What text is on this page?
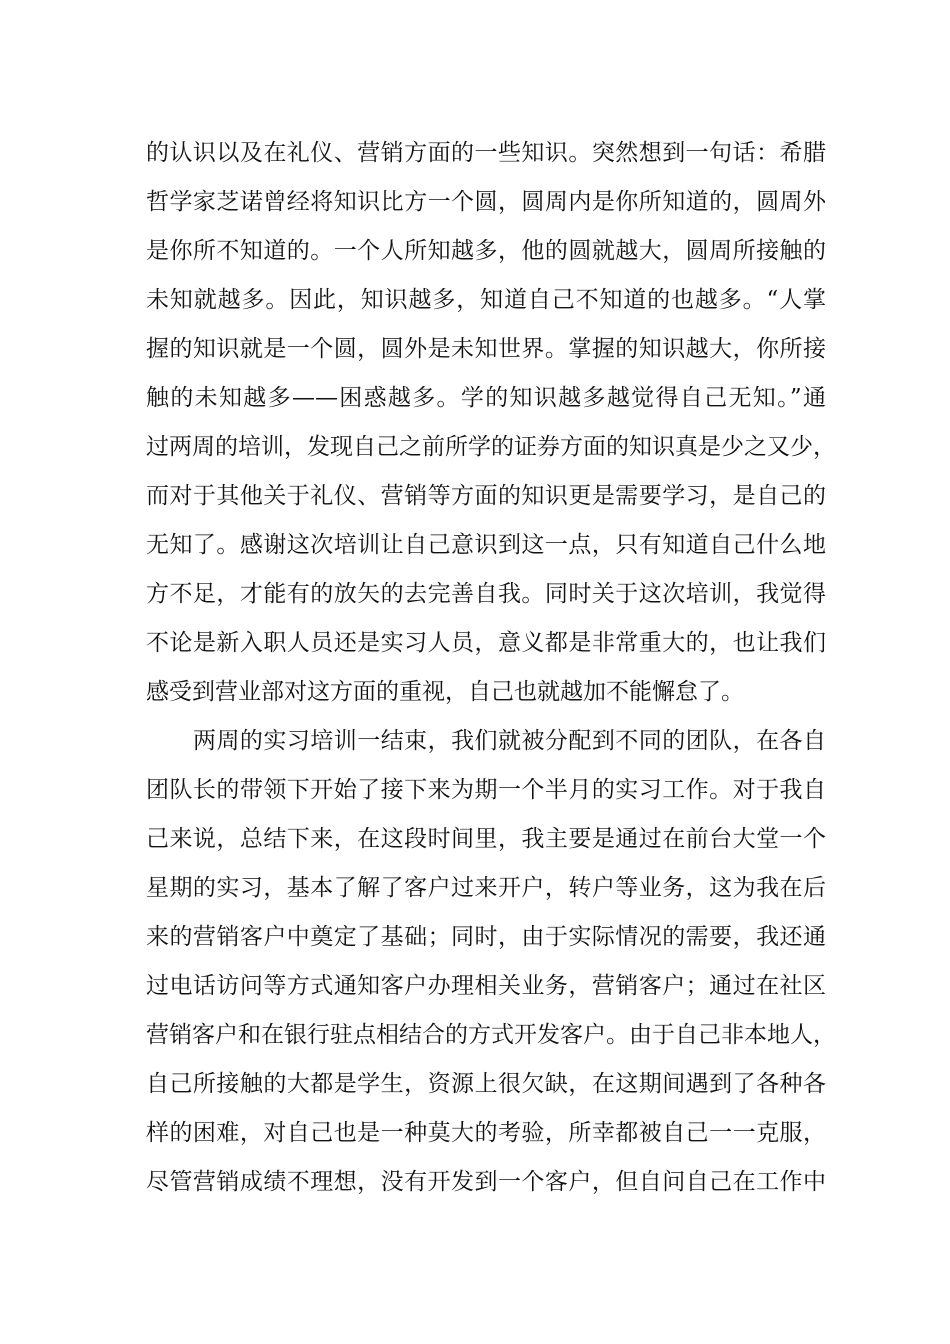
的认识以及在礼仪、营销方面的一些知识。突然想到一句话：希腊
哲学家芝诺曾经将知识比方一个圆，圆周内是你所知道的，圆周外
是你所不知道的。一个人所知越多，他的圆就越大，圆周所接触的
未知就越多。因此，知识越多，知道自己不知道的也越多。“人掌
握的知识就是一个圆，圆外是未知世界。掌握的知识越大，你所接
触的未知越多——困惑越多。学的知识越多越觉得自己无知。”通
过两周的培训，发现自己之前所学的证券方面的知识真是少之又少，
而对于其他关于礼仪、营销等方面的知识更是需要学习，是自己的
无知了。感谢这次培训让自己意识到这一点，只有知道自己什么地
方不足，才能有的放矢的去完善自我。同时关于这次培训，我觉得
不论是新入职人员还是实习人员，意义都是非常重大的，也让我们
感受到营业部对这方面的重视，自己也就越加不能懈怠了。
两周的实习培训一结束，我们就被分配到不同的团队，在各自
团队长的带领下开始了接下来为期一个半月的实习工作。对于我自
己来说，总结下来，在这段时间里，我主要是通过在前台大堂一个
星期的实习，基本了解了客户过来开户，转户等业务，这为我在后
来的营销客户中奠定了基础；同时，由于实际情况的需要，我还通
过电话访问等方式通知客户办理相关业务，营销客户；通过在社区
营销客户和在银行驻点相结合的方式开发客户。由于自己非本地人，
自己所接触的大都是学生，资源上很欠缺，在这期间遇到了各种各
样的困难，对自己也是一种莫大的考验，所幸都被自己一一克服，
尽管营销成绩不理想，没有开发到一个客户，但自问自己在工作中
